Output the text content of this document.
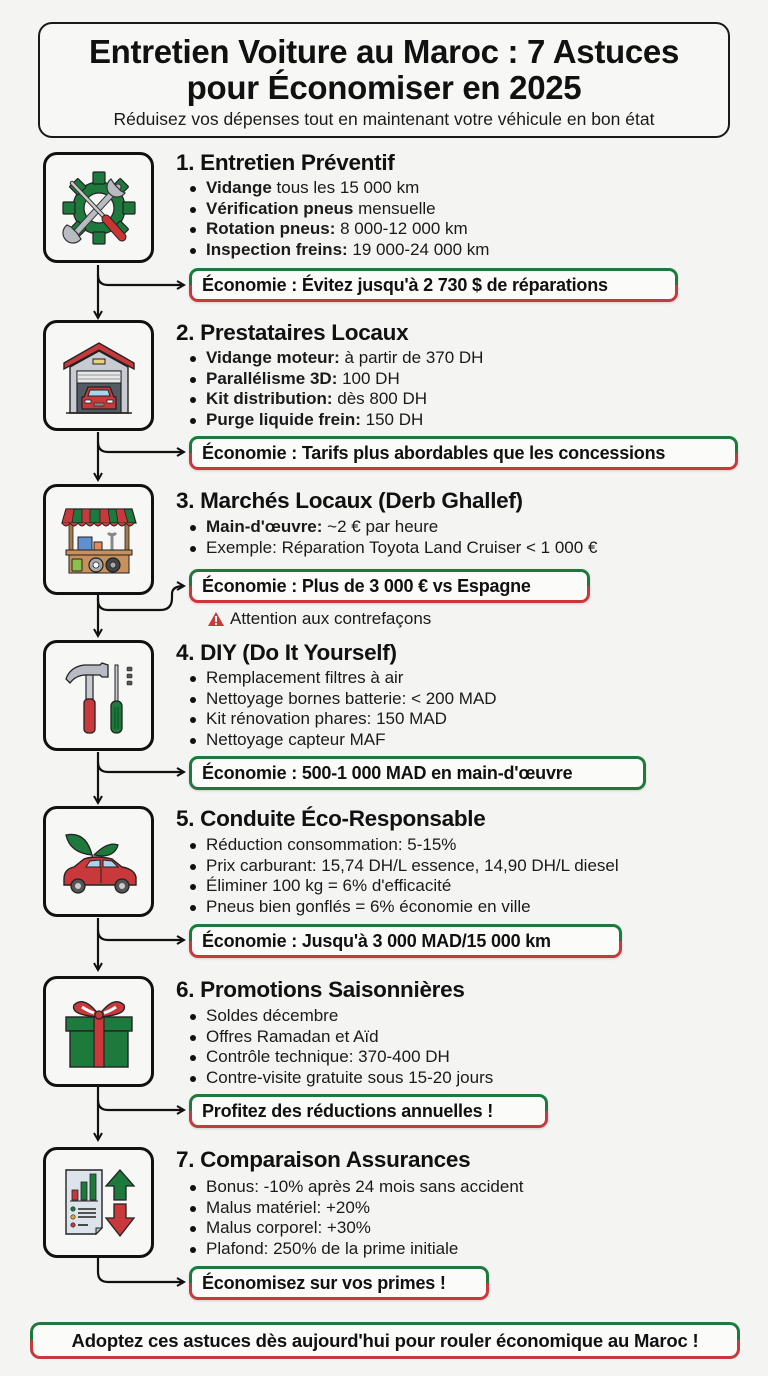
Entretien Voiture au Maroc : 7 Astuces
pour Économiser en 2025
Réduisez vos dépenses tout en maintenant votre véhicule en bon état
1. Entretien Préventif
Vidange tous les 15 000 km
Vérification pneus mensuelle
Rotation pneus: 8 000-12 000 km
Inspection freins: 19 000-24 000 km
Économie : Évitez jusqu'à 2 730 $ de réparations
2. Prestataires Locaux
Vidange moteur: à partir de 370 DH
Parallélisme 3D: 100 DH
Kit distribution: dès 800 DH
Purge liquide frein: 150 DH
Économie : Tarifs plus abordables que les concessions
3. Marchés Locaux (Derb Ghallef)
Main-d'œuvre: ~2 € par heure
Exemple: Réparation Toyota Land Cruiser < 1 000 €
Économie : Plus de 3 000 € vs Espagne
Attention aux contrefaçons
4. DIY (Do It Yourself)
Remplacement filtres à air
Nettoyage bornes batterie: < 200 MAD
Kit rénovation phares: 150 MAD
Nettoyage capteur MAF
Économie : 500-1 000 MAD en main-d'œuvre
5. Conduite Éco-Responsable
Réduction consommation: 5-15%
Prix carburant: 15,74 DH/L essence, 14,90 DH/L diesel
Éliminer 100 kg = 6% d'efficacité
Pneus bien gonflés = 6% économie en ville
Économie : Jusqu'à 3 000 MAD/15 000 km
6. Promotions Saisonnières
Soldes décembre
Offres Ramadan et Aïd
Contrôle technique: 370-400 DH
Contre-visite gratuite sous 15-20 jours
Profitez des réductions annuelles !
7. Comparaison Assurances
Bonus: -10% après 24 mois sans accident
Malus matériel: +20%
Malus corporel: +30%
Plafond: 250% de la prime initiale
Économisez sur vos primes !
Adoptez ces astuces dès aujourd'hui pour rouler économique au Maroc !
